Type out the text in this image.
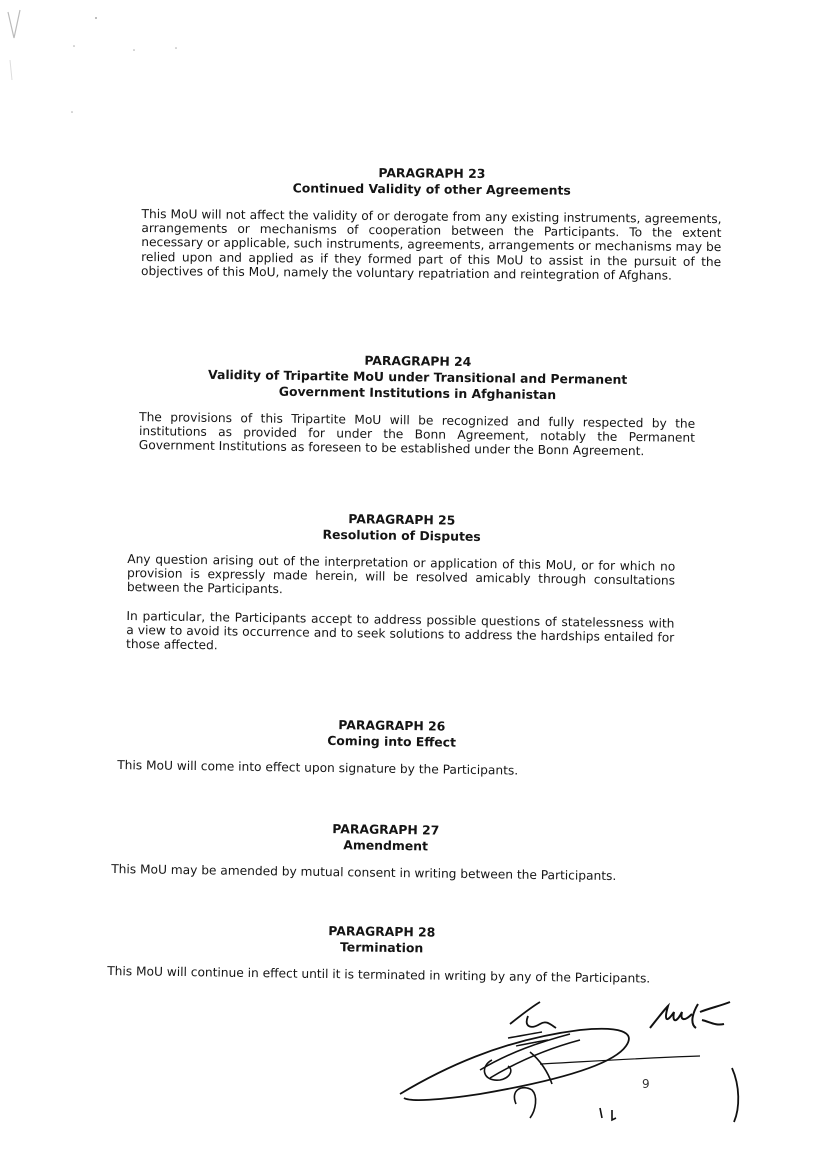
PARAGRAPH 23

Continued Validity of other Agreements

This MoU will not affect the validity of or derogate from any existing instruments, agreements, arrangements or mechanisms of cooperation between the Participants. To the extent necessary or applicable, such instruments, agreements, arrangements or mechanisms may be relied upon and applied as if they formed part of this MoU to assist in the pursuit of the objectives of this MoU, namely the voluntary repatriation and reintegration of Afghans.

PARAGRAPH 24

Validity of Tripartite MoU under Transitional and Permanent Government Institutions in Afghanistan

The provisions of this Tripartite MoU will be recognized and fully respected by the institutions as provided for under the Bonn Agreement, notably the Permanent Government Institutions as foreseen to be established under the Bonn Agreement.

PARAGRAPH 25

Resolution of Disputes

Any question arising out of the interpretation or application of this MoU, or for which no provision is expressly made herein, will be resolved amicably through consultations between the Participants.

In particular, the Participants accept to address possible questions of statelessness with a view to avoid its occurrence and to seek solutions to address the hardships entailed for those affected.

PARAGRAPH 26

Coming into Effect

This MoU will come into effect upon signature by the Participants.

PARAGRAPH 27

Amendment

This MoU may be amended by mutual consent in writing between the Participants.

PARAGRAPH 28

Termination

This MoU will continue in effect until it is terminated in writing by any of the Participants.

9
